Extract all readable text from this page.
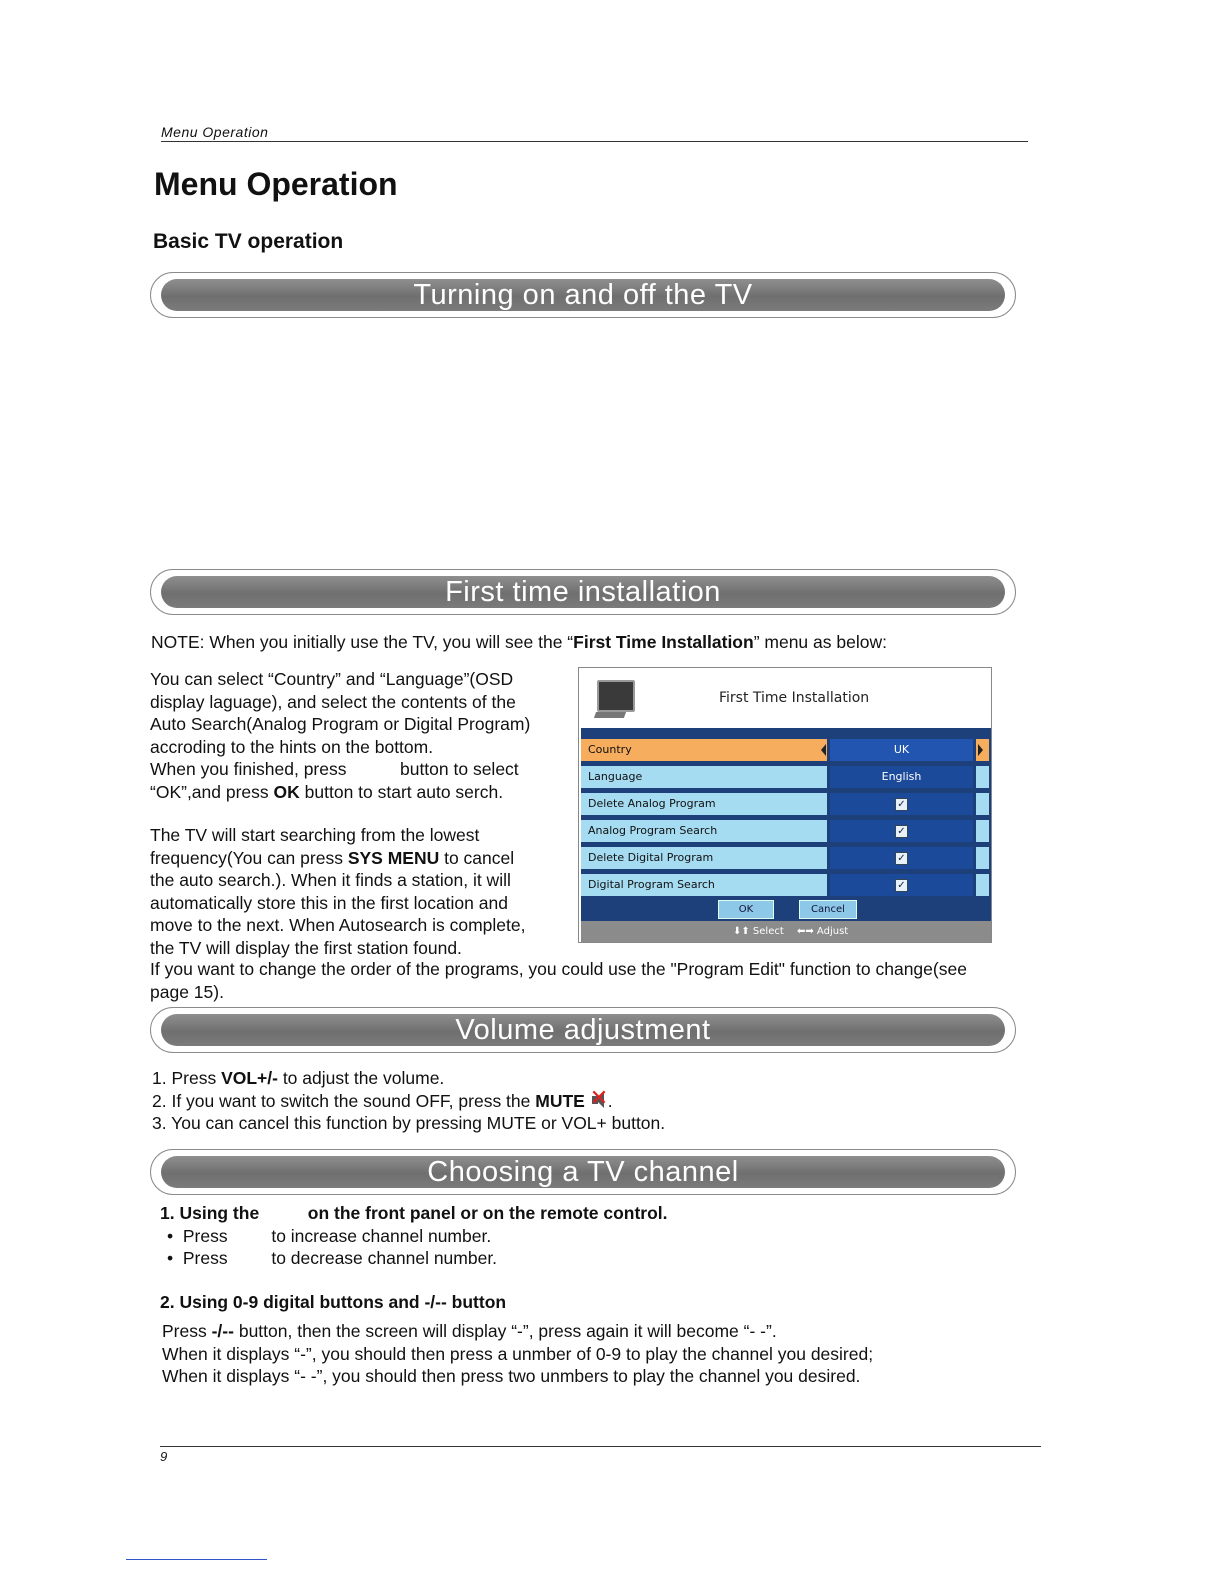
Menu Operation
Menu Operation
Basic TV operation
Turning on and off the TV
First time installation
NOTE: When you initially use the TV, you will see the “First Time Installation” menu as below:
You can select “Country” and “Language”(OSD
display laguage), and select the contents of the
Auto Search(Analog Program or Digital Program)
accroding to the hints on the bottom.
When you finished, press           button to select
“OK”,and press OK button to start auto serch.
The TV will start searching from the lowest
frequency(You can press SYS MENU to cancel
the auto search.). When it finds a station, it will
automatically store this in the first location and
move to the next. When Autosearch is complete,
the TV will display the first station found.
If you want to change the order of the programs, you could use the "Program Edit" function to change(see
page 15).
First Time Installation
Country	UK
Language	English
Delete Analog Program	✓
Analog Program Search	✓
Delete Digital Program	✓
Digital Program Search	✓
OK	Cancel
⬇⬆ Select ⬅➡ Adjust
Volume adjustment
1. Press VOL+/- to adjust the volume.
2. If you want to switch the sound OFF, press the MUTE ✕ .
3. You can cancel this function by pressing MUTE or VOL+ button.
Choosing a TV channel
1. Using the          on the front panel or on the remote control.
•  Press         to increase channel number.
•  Press         to decrease channel number.
2. Using 0-9 digital buttons and -/-- button
Press -/-- button, then the screen will display “-”, press again it will become “- -”.
When it displays “-”, you should then press a unmber of 0-9 to play the channel you desired;
When it displays “- -”, you should then press two unmbers to play the channel you desired.
9
